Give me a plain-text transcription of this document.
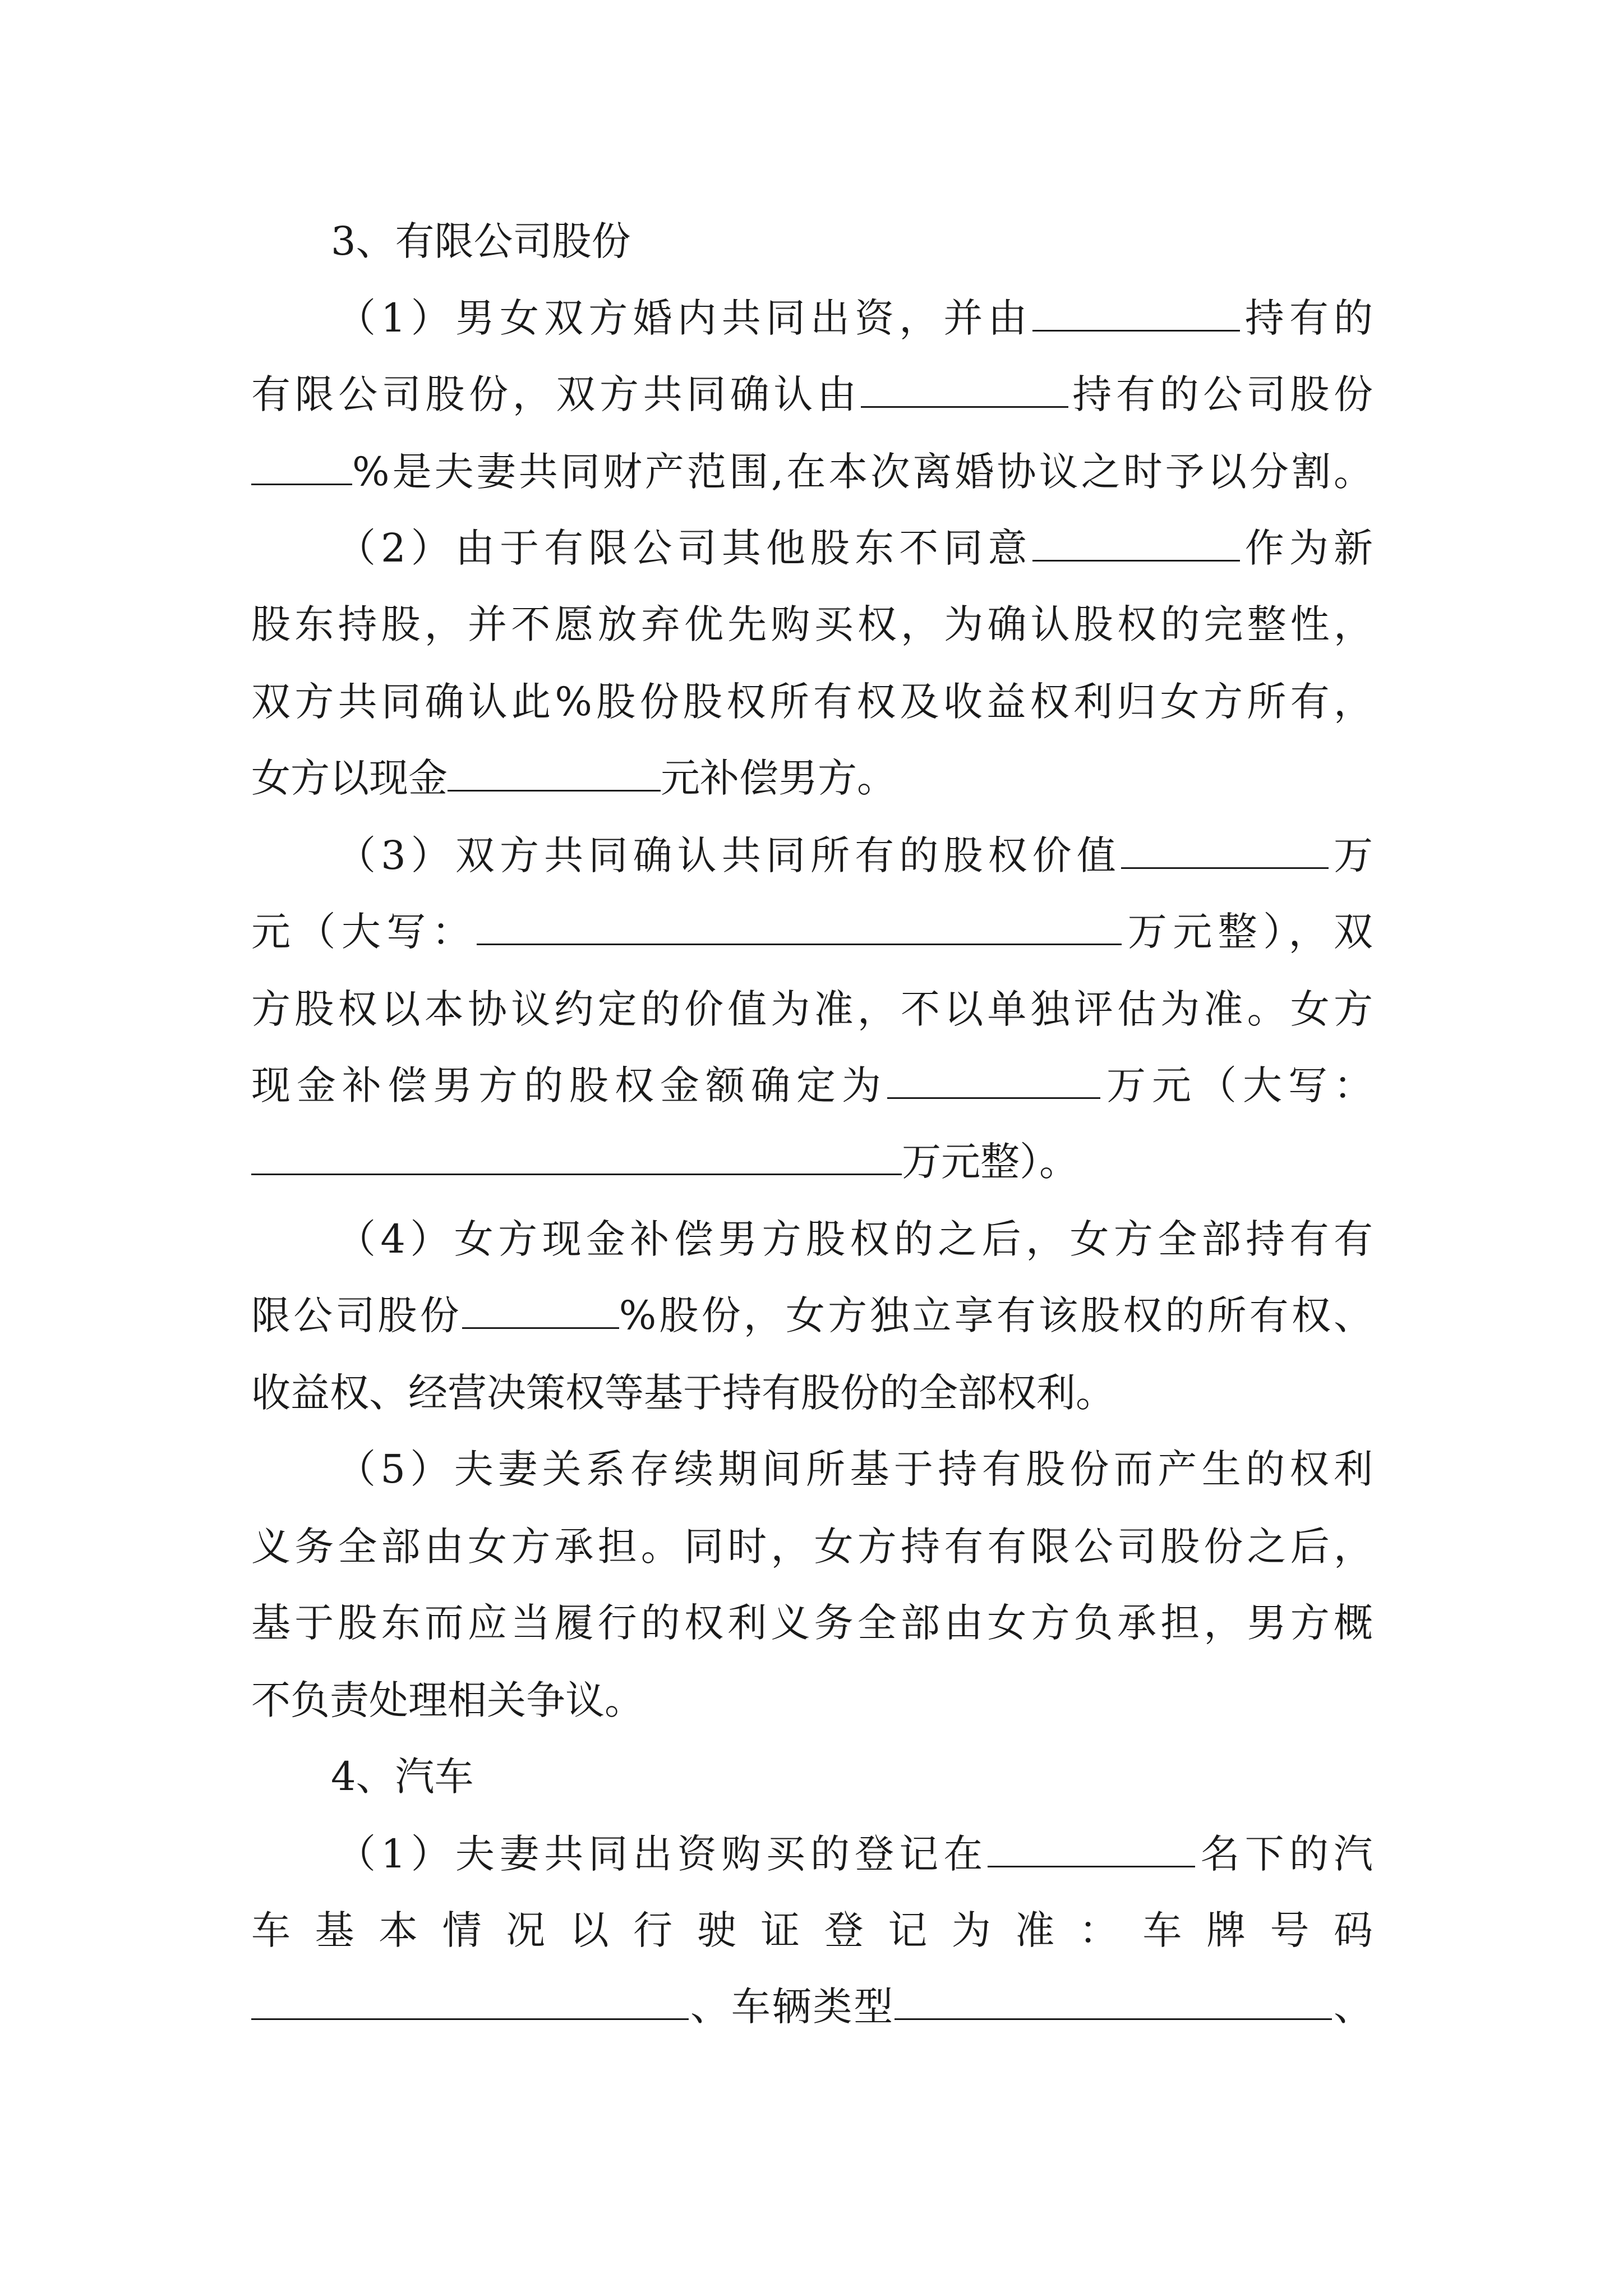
3、有限公司股份
（1）男女双方婚内共同出资，并由	持有的
有限公司股份，双方共同确认由	持有的公司股份
%是夫妻共同财产范围,在本次离婚协议之时予以分割。
（2）由于有限公司其他股东不同意	作为新
股东持股，并不愿放弃优先购买权，为确认股权的完整性，
双方共同确认此%股份股权所有权及收益权利归女方所有，
女方以现金	元补偿男方。
（3）双方共同确认共同所有的股权价值	万
元（大写：	万元整），双
方股权以本协议约定的价值为准，不以单独评估为准。女方
现金补偿男方的股权金额确定为	万元（大写：
万元整）。
（4）女方现金补偿男方股权的之后，女方全部持有有
限公司股份	%股份，女方独立享有该股权的所有权、
收益权、经营决策权等基于持有股份的全部权利。
（5）夫妻关系存续期间所基于持有股份而产生的权利
义务全部由女方承担。同时，女方持有有限公司股份之后，
基于股东而应当履行的权利义务全部由女方负承担，男方概
不负责处理相关争议。
4、汽车
（1）夫妻共同出资购买的登记在	名下的汽
车基本情况以行驶证登记为准：车牌号码
、车辆类型	、
